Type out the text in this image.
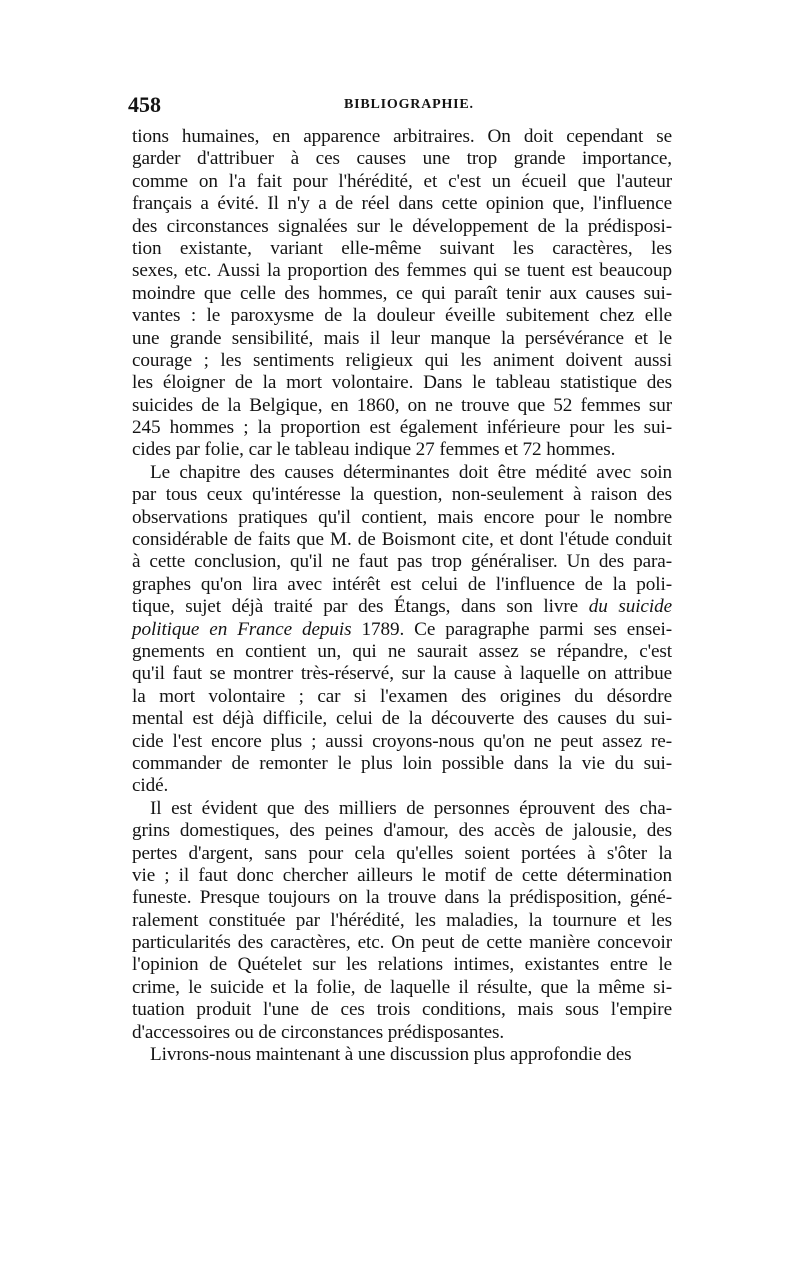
458	BIBLIOGRAPHIE.
tions humaines, en apparence arbitraires. On doit cependant se
garder d'attribuer à ces causes une trop grande importance,
comme on l'a fait pour l'hérédité, et c'est un écueil que l'auteur
français a évité. Il n'y a de réel dans cette opinion que, l'influence
des circonstances signalées sur le développement de la prédisposi-
tion existante, variant elle-même suivant les caractères, les
sexes, etc. Aussi la proportion des femmes qui se tuent est beaucoup
moindre que celle des hommes, ce qui paraît tenir aux causes sui-
vantes : le paroxysme de la douleur éveille subitement chez elle
une grande sensibilité, mais il leur manque la persévérance et le
courage ; les sentiments religieux qui les animent doivent aussi
les éloigner de la mort volontaire. Dans le tableau statistique des
suicides de la Belgique, en 1860, on ne trouve que 52 femmes sur
245 hommes ; la proportion est également inférieure pour les sui-
cides par folie, car le tableau indique 27 femmes et 72 hommes.
Le chapitre des causes déterminantes doit être médité avec soin
par tous ceux qu'intéresse la question, non-seulement à raison des
observations pratiques qu'il contient, mais encore pour le nombre
considérable de faits que M. de Boismont cite, et dont l'étude conduit
à cette conclusion, qu'il ne faut pas trop généraliser. Un des para-
graphes qu'on lira avec intérêt est celui de l'influence de la poli-
tique, sujet déjà traité par des Étangs, dans son livre du suicide
politique en France depuis 1789. Ce paragraphe parmi ses ensei-
gnements en contient un, qui ne saurait assez se répandre, c'est
qu'il faut se montrer très-réservé, sur la cause à laquelle on attribue
la mort volontaire ; car si l'examen des origines du désordre
mental est déjà difficile, celui de la découverte des causes du sui-
cide l'est encore plus ; aussi croyons-nous qu'on ne peut assez re-
commander de remonter le plus loin possible dans la vie du sui-
cidé.
Il est évident que des milliers de personnes éprouvent des cha-
grins domestiques, des peines d'amour, des accès de jalousie, des
pertes d'argent, sans pour cela qu'elles soient portées à s'ôter la
vie ; il faut donc chercher ailleurs le motif de cette détermination
funeste. Presque toujours on la trouve dans la prédisposition, géné-
ralement constituée par l'hérédité, les maladies, la tournure et les
particularités des caractères, etc. On peut de cette manière concevoir
l'opinion de Quételet sur les relations intimes, existantes entre le
crime, le suicide et la folie, de laquelle il résulte, que la même si-
tuation produit l'une de ces trois conditions, mais sous l'empire
d'accessoires ou de circonstances prédisposantes.
Livrons-nous maintenant à une discussion plus approfondie des
